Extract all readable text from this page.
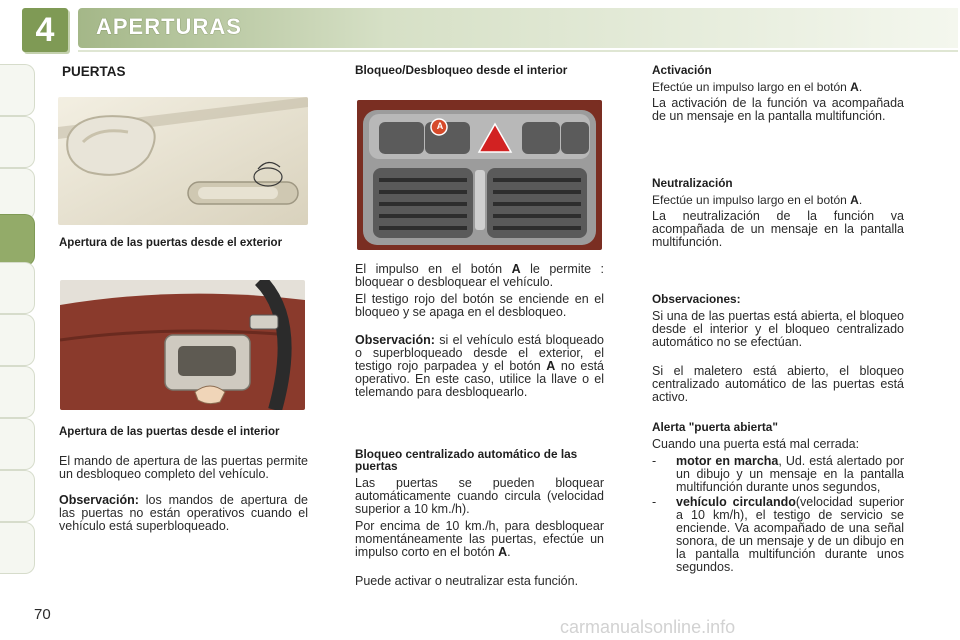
4	APERTURAS
PUERTAS
Apertura de las puertas desde el exterior
Apertura de las puertas desde el interior
El mando de apertura de las puertas permite un desbloqueo completo del vehículo.
Observación: los mandos de apertura de las puertas no están operativos cuando el vehículo está superbloqueado.
Bloqueo/Desbloqueo desde el interior
A
El impulso en el botón A le permite : bloquear o desbloquear el vehículo.
El testigo rojo del botón se enciende en el bloqueo y se apaga en el desbloqueo.
Observación: si el vehículo está bloqueado o superbloqueado desde el exterior, el testigo rojo parpadea y el botón A no está operativo. En este caso, utilice la llave o el telemando para desbloquearlo.
Bloqueo centralizado automático de las puertas
Las puertas se pueden bloquear automáticamente cuando circula (velocidad superior a 10 km./h).
Por encima de 10 km./h, para desbloquear momentáneamente las puertas, efectúe un impulso corto en el botón A.
Puede activar o neutralizar esta función.
Activación
Efectúe un impulso largo en el botón A.
La activación de la función va acompañada de un mensaje en la pantalla multifunción.
Neutralización
Efectúe un impulso largo en el botón A.
La neutralización de la función va acompañada de un mensaje en la pantalla multifunción.
Observaciones:
Si una de las puertas está abierta, el bloqueo desde el interior y el bloqueo centralizado automático no se efectúan.
Si el maletero está abierto, el bloqueo centralizado automático de las puertas está activo.
Alerta "puerta abierta"
Cuando una puerta está mal cerrada:
- motor en marcha, Ud. está alertado por un dibujo y un mensaje en la pantalla multifunción durante unos segundos,
- vehículo circulando(velocidad superior a 10 km/h), el testigo de servicio se enciende. Va acompañado de una señal sonora, de un mensaje y de un dibujo en la pantalla multifunción durante unos segundos.
70
carmanualsonline.info
